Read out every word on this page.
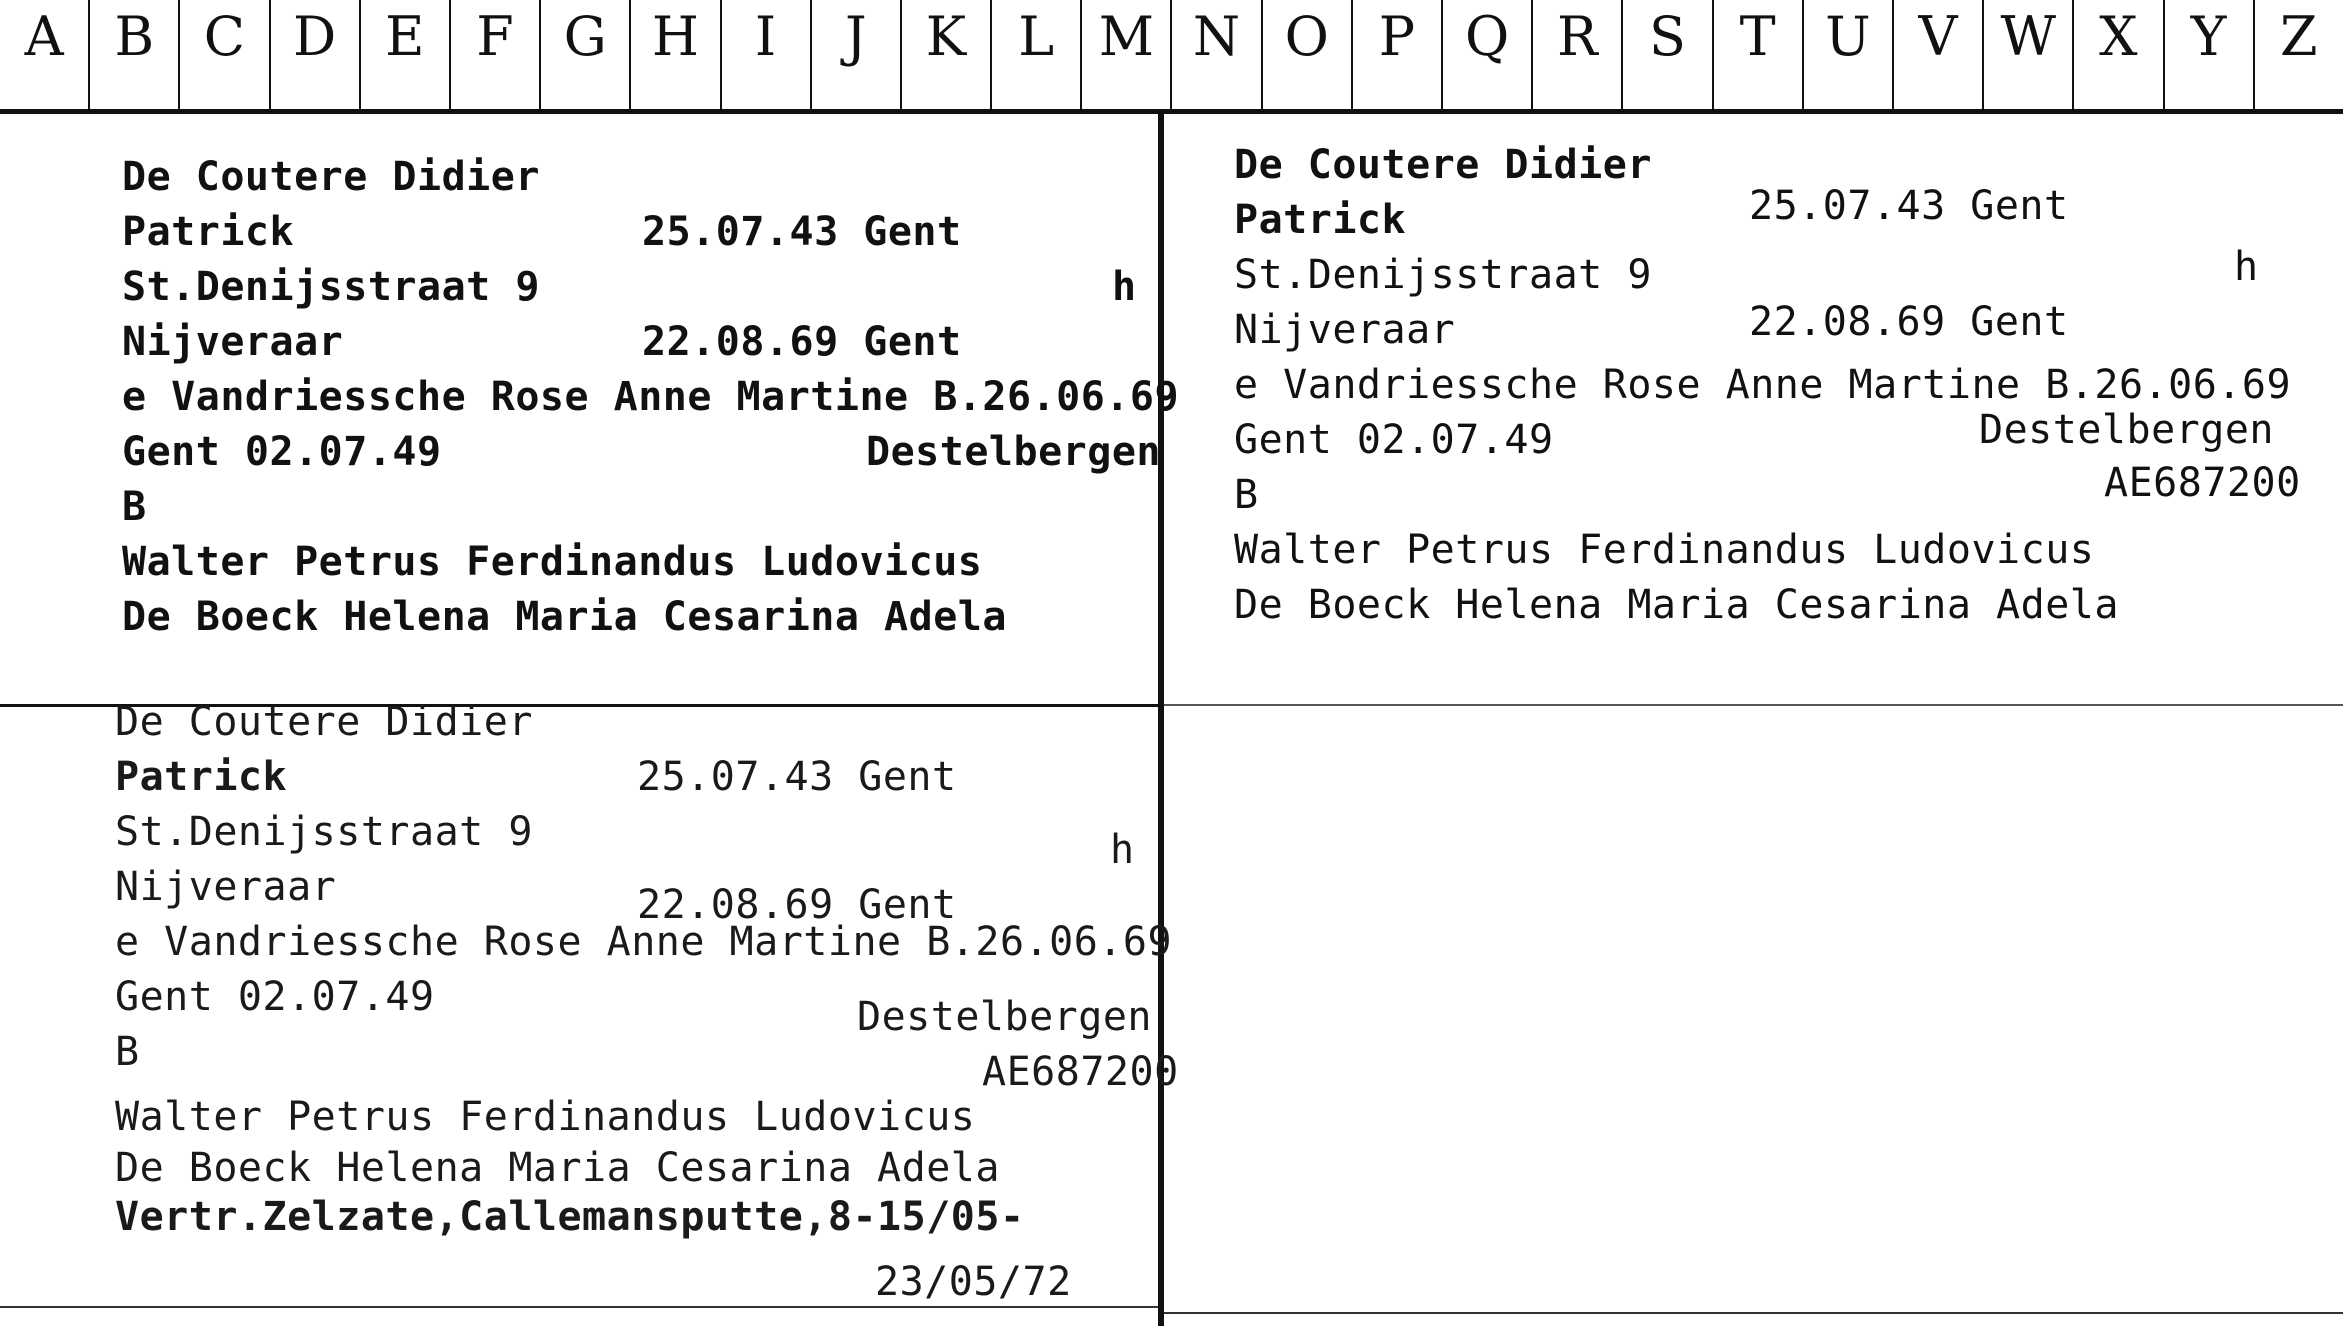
A B C D E F G H	I	J	K L M N O P Q R S T U V W X Y Z
De Coutere Didier
Patrick	25.07.43 Gent
St.Denijsstraat 9	h
Nijveraar	22.08.69 Gent
e Vandriessche Rose Anne Martine B.26.06.69
Gent 02.07.49	Destelbergen
B
Walter Petrus Ferdinandus Ludovicus
De Boeck Helena Maria Cesarina Adela
De Coutere Didier
Patrick	25.07.43 Gent
St.Denijsstraat 9	h
Nijveraar	22.08.69 Gent
e Vandriessche Rose Anne Martine B.26.06.69
Gent 02.07.49	Destelbergen
B	AE687200
Walter Petrus Ferdinandus Ludovicus
De Boeck Helena Maria Cesarina Adela
De Coutere Didier
Patrick	25.07.43 Gent
St.Denijsstraat 9	h
Nijveraar	22.08.69 Gent
e Vandriessche Rose Anne Martine B.26.06.69
Gent 02.07.49	Destelbergen
B	AE687200
Walter Petrus Ferdinandus Ludovicus
De Boeck Helena Maria Cesarina Adela
Vertr.Zelzate,Callemansputte,8-15/05-
23/05/72
